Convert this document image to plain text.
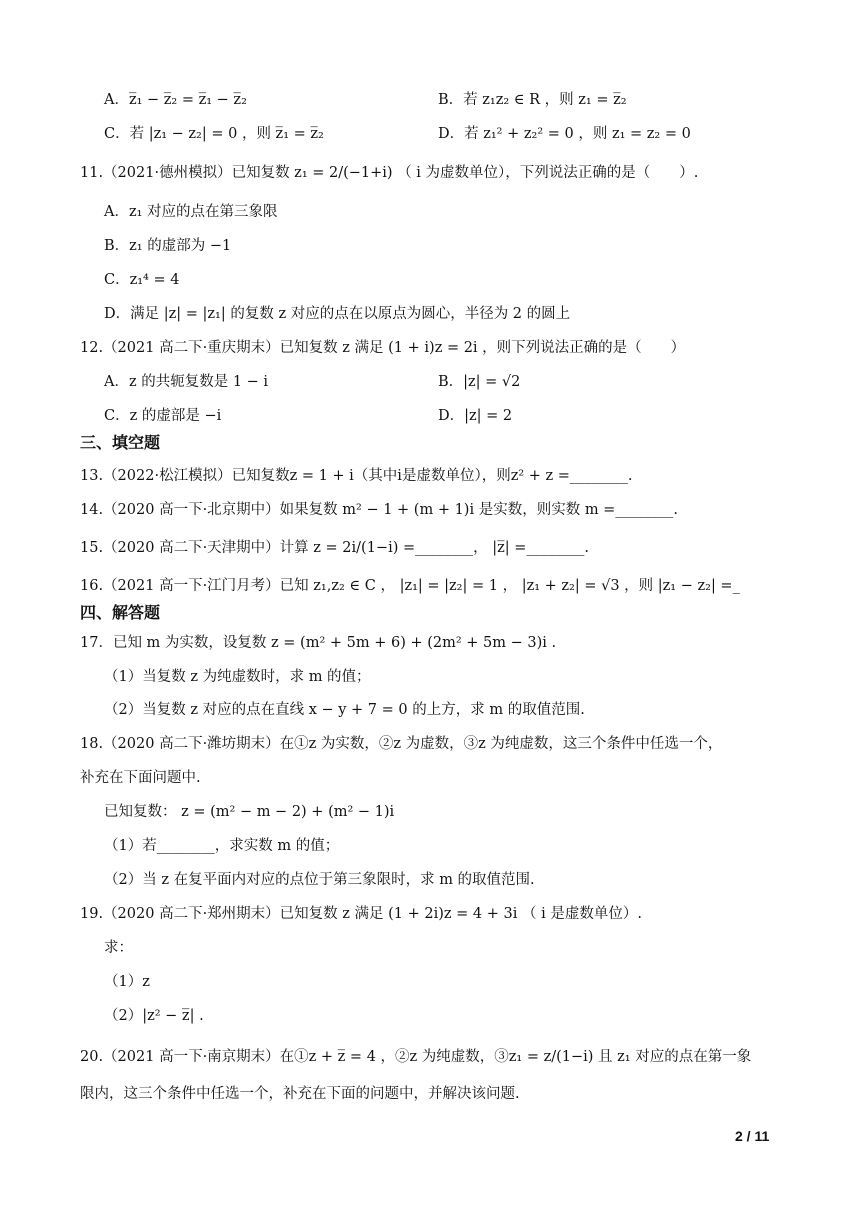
A．z̅₁ − z̅₂ = z̅₁ − z̅₂	B．若 z₁z₂ ∈ R ，则 z₁ = z̅₂
C．若 |z₁ − z₂| = 0 ，则 z̅₁ = z̅₂	D．若 z₁² + z₂² = 0 ，则 z₁ = z₂ = 0
11.（2021·德州模拟）已知复数 z₁ = 2/(−1+i) （ i 为虚数单位），下列说法正确的是（　　）.
A．z₁ 对应的点在第三象限
B．z₁ 的虚部为 −1
C．z₁⁴ = 4
D．满足 |z| = |z₁| 的复数 z 对应的点在以原点为圆心，半径为 2 的圆上
12.（2021 高二下·重庆期末）已知复数 z 满足 (1 + i)z = 2i ，则下列说法正确的是（　　）
A．z 的共轭复数是 1 − i	B．|z| = √2
C．z 的虚部是 −i	D．|z| = 2
三、填空题
13.（2022·松江模拟）已知复数z = 1 + i（其中i是虚数单位），则z² + z =________.
14.（2020 高一下·北京期中）如果复数 m² − 1 + (m + 1)i 是实数，则实数 m =________.
15.（2020 高二下·天津期中）计算 z = 2i/(1−i) =________， |z̅| =________.
16.（2021 高一下·江门月考）已知 z₁,z₂ ∈ C ， |z₁| = |z₂| = 1 ， |z₁ + z₂| = √3 ，则 |z₁ − z₂| =_
四、解答题
17．已知 m 为实数，设复数 z = (m² + 5m + 6) + (2m² + 5m − 3)i .
（1）当复数 z 为纯虚数时，求 m 的值；
（2）当复数 z 对应的点在直线 x − y + 7 = 0 的上方，求 m 的取值范围.
18.（2020 高二下·潍坊期末）在①z 为实数，②z 为虚数，③z 为纯虚数，这三个条件中任选一个，
补充在下面问题中.
已知复数： z = (m² − m − 2) + (m² − 1)i
（1）若________，求实数 m 的值；
（2）当 z 在复平面内对应的点位于第三象限时，求 m 的取值范围.
19.（2020 高二下·郑州期末）已知复数 z 满足 (1 + 2i)z = 4 + 3i （ i 是虚数单位）.
求：
（1）z
（2）|z² − z̅| .
20.（2021 高一下·南京期末）在①z + z̅ = 4 ，②z 为纯虚数，③z₁ = z/(1−i) 且 z₁ 对应的点在第一象
限内，这三个条件中任选一个，补充在下面的问题中，并解决该问题.
2 / 11
